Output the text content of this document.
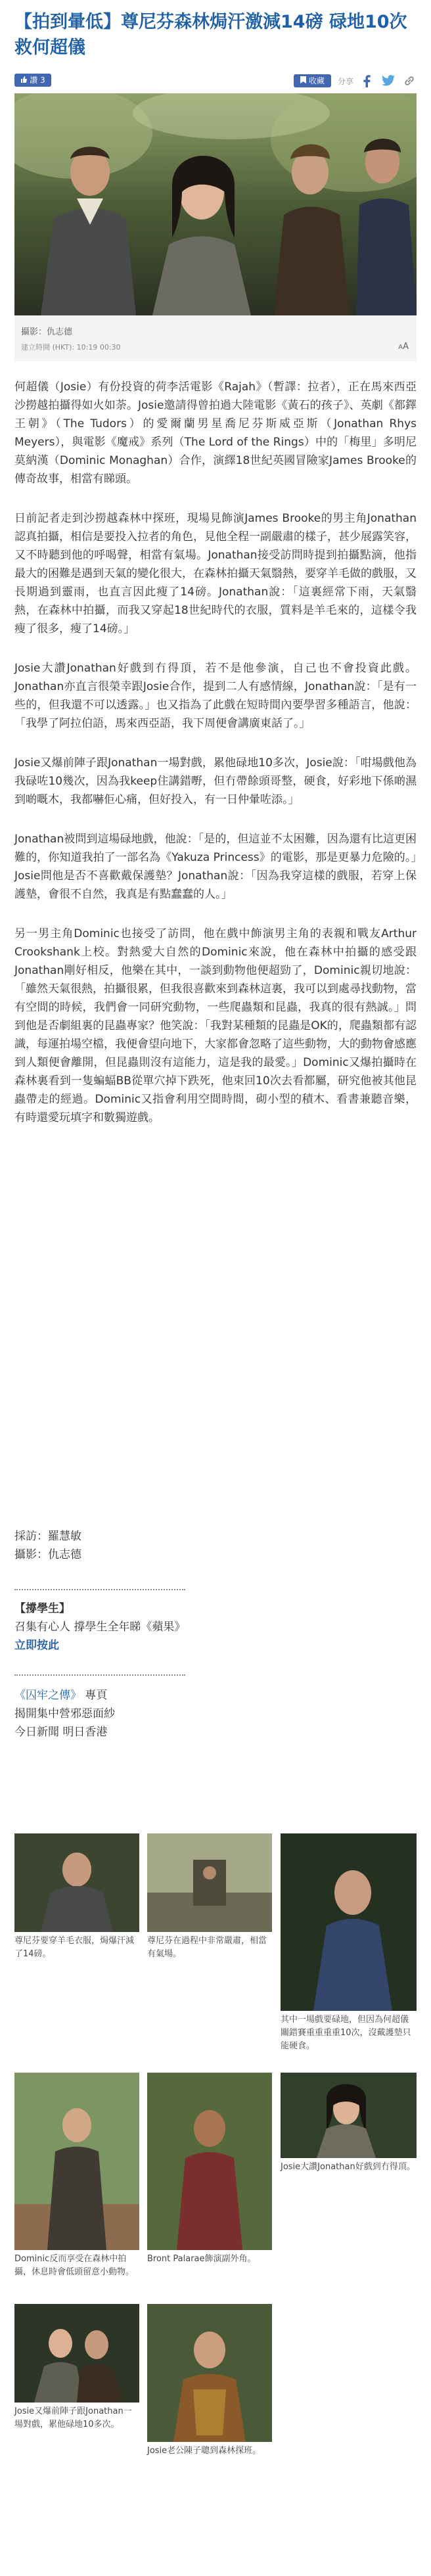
【拍到暈低】尊尼芬森林焗汗激減14磅 碌地10次救何超儀
讚 3	收藏 分享
攝影：仇志德
建立時間 (HKT): 10:19 00:30	AA

何超儀（Josie）有份投資的荷李活電影《Rajah》（暫譯：拉者），正在馬來西亞沙撈越拍攝得如火如荼。Josie邀請得曾拍過大陸電影《黃石的孩子》、英劇《都鐸王朝》（The Tudors）的愛爾蘭男星喬尼芬斯威亞斯（Jonathan Rhys Meyers），與電影《魔戒》系列（The Lord of the Rings）中的「梅里」多明尼莫納漢（Dominic Monaghan）合作，演繹18世紀英國冒險家James Brooke的傳奇故事，相當有睇頭。

日前記者走到沙撈越森林中探班，現場見飾演James Brooke的男主角Jonathan認真拍攝，相信是要投入拉者的角色，見他全程一副嚴肅的樣子，甚少展露笑容，又不時聽到他的呼喝聲，相當有氣場。Jonathan接受訪問時提到拍攝點滴，他指最大的困難是遇到天氣的變化很大，在森林拍攝天氣翳熱，要穿羊毛做的戲服，又長期過到靈雨，也直言因此瘦了14磅。Jonathan說：「這裏經常下雨，天氣翳熱，在森林中拍攝，而我又穿起18世紀時代的衣服，質料是羊毛來的，這樣令我瘦了很多，瘦了14磅。」

Josie大讚Jonathan好戲到冇得頂，若不是他參演，自己也不會投資此戲。Jonathan亦直言很榮幸跟Josie合作，提到二人有感情線，Jonathan說：「是有一些的，但我還不可以透露。」也又指為了此戲在短時間內要學習多種語言，他說：「我學了阿拉伯語，馬來西亞語，我下周便會講廣東話了。」

Josie又爆前陣子跟Jonathan一場對戲，累他碌地10多次，Josie說：「咁場戲他為我碌咗10幾次，因為我keep住講錯嘢，但冇帶餘頭哥整，硬食，好彩地下係啲濕到啲嘅木，我都嚇佢心痛，但好投入，有一日仲暈咗添。」

Jonathan被問到這場碌地戲，他說：「是的，但這並不太困難，因為還有比這更困難的，你知道我拍了一部名為《Yakuza Princess》的電影，那是更暴力危險的。」Josie問他是否不喜歡戴保護墊？Jonathan說：「因為我穿這樣的戲服，若穿上保護墊，會很不自然，我真是有點蠢蠢的人。」

另一男主角Dominic也接受了訪問，他在戲中飾演男主角的表親和戰友Arthur Crookshank上校。對熱愛大自然的Dominic來說，他在森林中拍攝的感受跟Jonathan剛好相反，他樂在其中，一談到動物他便超勁了，Dominic親切地說：「雖然天氣很熱，拍攝很累，但我很喜歡來到森林這裏，我可以到處尋找動物，當有空間的時候，我們會一同研究動物，一些爬蟲類和昆蟲，我真的很有熱誠。」問到他是否劇組裏的昆蟲專家？他笑說：「我對某種類的昆蟲是OK的，爬蟲類都有認識，每運拍場空檔，我便會望向地下，大家都會忽略了這些動物，大的動物會感應到人類便會離開，但昆蟲則沒有這能力，這是我的最愛。」Dominic又爆拍攝時在森林裏看到一隻蝙蝠BB從單穴掉下跌死，他束回10次去看都屬，研究他被其他昆蟲帶走的經過。Dominic又指會利用空間時間，砌小型的積木、看書兼聽音樂，有時還愛玩填字和數獨遊戲。

採訪：羅慧敏
攝影：仇志德
【撐學生】
召集有心人 撐學生全年睇《蘋果》
立即按此
《囚牢之傳》 專頁
揭開集中營邪惡面紗
今日新聞 明日香港
尊尼芬要穿羊毛衣服，焗爆汗減了14磅。
尊尼芬在過程中非常嚴肅，相當有氣場。
其中一場戲要碌地，但因為何超儀關錯賽重重重重10次，沒戴護墊只能硬食。
Dominic反而享受在森林中拍攝，休息時會低頭留意小動物。
Bront Palarae飾演副外角。
Josie大讚Jonathan好戲到冇得頂。
Josie又爆前陣子跟Jonathan一場對戲，累他碌地10多次。
Josie老公陳子聰到森林探班。
